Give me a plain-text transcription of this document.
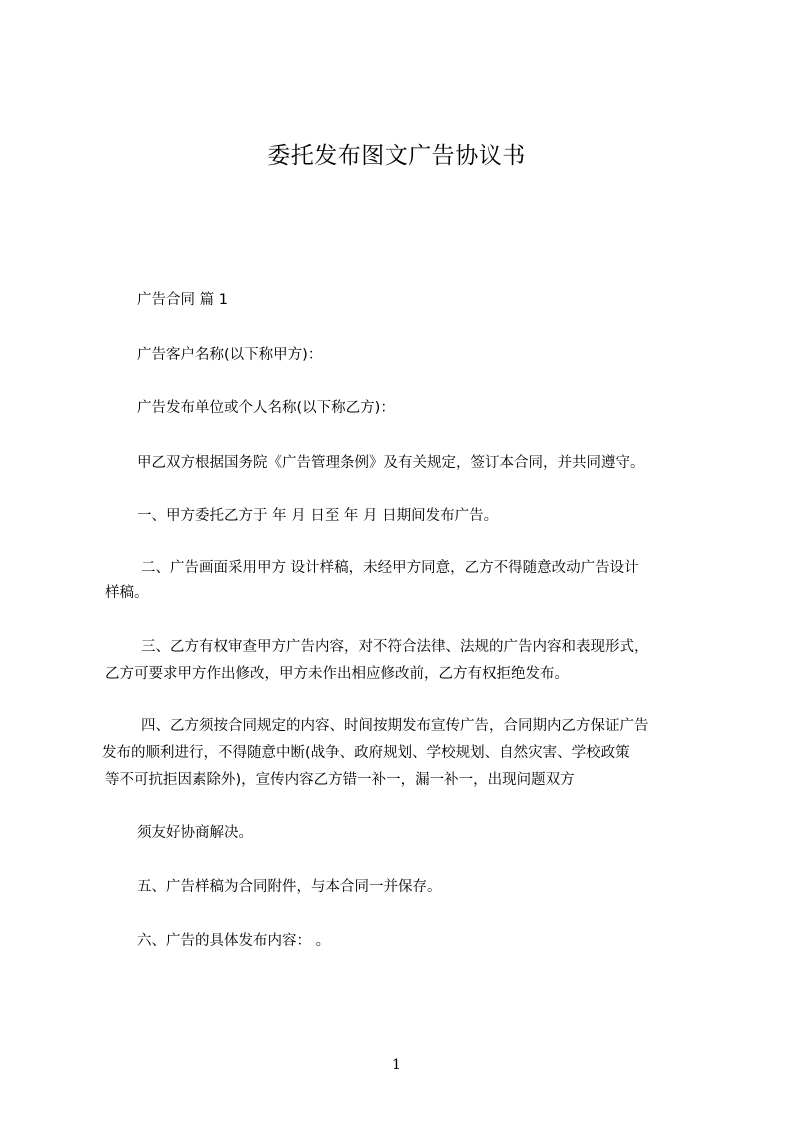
委托发布图文广告协议书
广告合同 篇 1
广告客户名称(以下称甲方)：
广告发布单位或个人名称(以下称乙方)：
甲乙双方根据国务院《广告管理条例》及有关规定，签订本合同，并共同遵守。
一、甲方委托乙方于 年 月 日至 年 月 日期间发布广告。
二、广告画面采用甲方 设计样稿，未经甲方同意，乙方不得随意改动广告设计
样稿。
三、乙方有权审查甲方广告内容，对不符合法律、法规的广告内容和表现形式，
乙方可要求甲方作出修改，甲方未作出相应修改前，乙方有权拒绝发布。
四、乙方须按合同规定的内容、时间按期发布宣传广告，合同期内乙方保证广告
发布的顺利进行，不得随意中断(战争、政府规划、学校规划、自然灾害、学校政策
等不可抗拒因素除外)，宣传内容乙方错一补一，漏一补一，出现问题双方
须友好协商解决。
五、广告样稿为合同附件，与本合同一并保存。
六、广告的具体发布内容： 。
1
